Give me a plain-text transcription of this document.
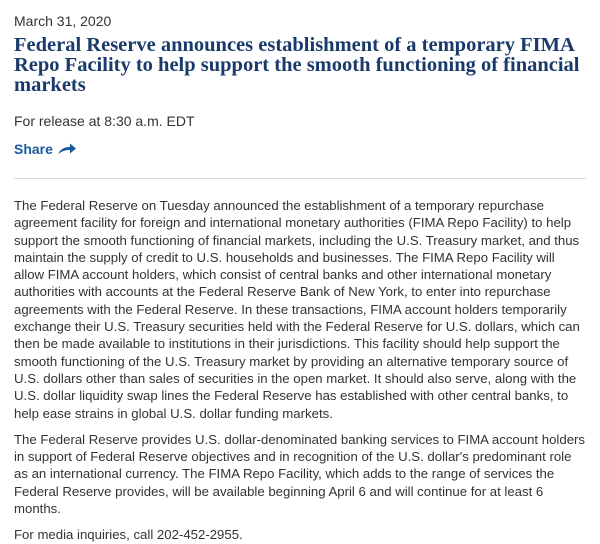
March 31, 2020
Federal Reserve announces establishment of a temporary FIMA Repo Facility to help support the smooth functioning of financial markets
For release at 8:30 a.m. EDT
Share

The Federal Reserve on Tuesday announced the establishment of a temporary repurchase agreement facility for foreign and international monetary authorities (FIMA Repo Facility) to help support the smooth functioning of financial markets, including the U.S. Treasury market, and thus maintain the supply of credit to U.S. households and businesses. The FIMA Repo Facility will allow FIMA account holders, which consist of central banks and other international monetary authorities with accounts at the Federal Reserve Bank of New York, to enter into repurchase agreements with the Federal Reserve. In these transactions, FIMA account holders temporarily exchange their U.S. Treasury securities held with the Federal Reserve for U.S. dollars, which can then be made available to institutions in their jurisdictions. This facility should help support the smooth functioning of the U.S. Treasury market by providing an alternative temporary source of U.S. dollars other than sales of securities in the open market. It should also serve, along with the U.S. dollar liquidity swap lines the Federal Reserve has established with other central banks, to help ease strains in global U.S. dollar funding markets.

The Federal Reserve provides U.S. dollar-denominated banking services to FIMA account holders in support of Federal Reserve objectives and in recognition of the U.S. dollar's predominant role as an international currency. The FIMA Repo Facility, which adds to the range of services the Federal Reserve provides, will be available beginning April 6 and will continue for at least 6 months.

For media inquiries, call 202-452-2955.
